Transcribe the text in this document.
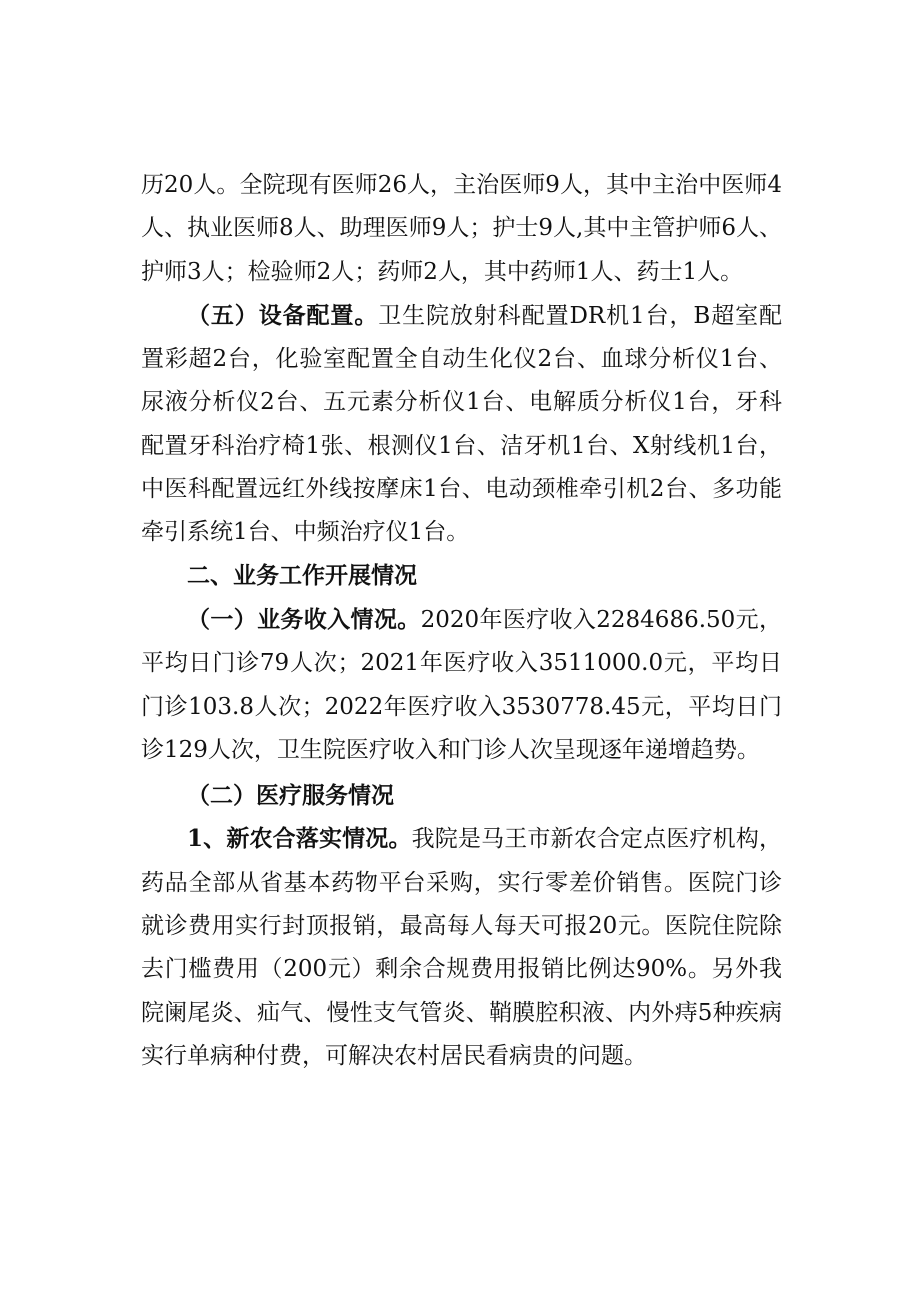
历20人。全院现有医师26人，主治医师9人，其中主治中医师4人、执业医师8人、助理医师9人；护士9人,其中主管护师6人、护师3人；检验师2人；药师2人，其中药师1人、药士1人。

（五）设备配置。卫生院放射科配置DR机1台，B超室配置彩超2台，化验室配置全自动生化仪2台、血球分析仪1台、尿液分析仪2台、五元素分析仪1台、电解质分析仪1台，牙科配置牙科治疗椅1张、根测仪1台、洁牙机1台、X射线机1台，中医科配置远红外线按摩床1台、电动颈椎牵引机2台、多功能牵引系统1台、中频治疗仪1台。

二、业务工作开展情况

（一）业务收入情况。2020年医疗收入2284686.50元，平均日门诊79人次；2021年医疗收入3511000.0元，平均日门诊103.8人次；2022年医疗收入3530778.45元，平均日门诊129人次，卫生院医疗收入和门诊人次呈现逐年递增趋势。

（二）医疗服务情况

1、新农合落实情况。我院是马王市新农合定点医疗机构，药品全部从省基本药物平台采购，实行零差价销售。医院门诊就诊费用实行封顶报销，最高每人每天可报20元。医院住院除去门槛费用（200元）剩余合规费用报销比例达90%。另外我院阑尾炎、疝气、慢性支气管炎、鞘膜腔积液、内外痔5种疾病实行单病种付费，可解决农村居民看病贵的问题。
